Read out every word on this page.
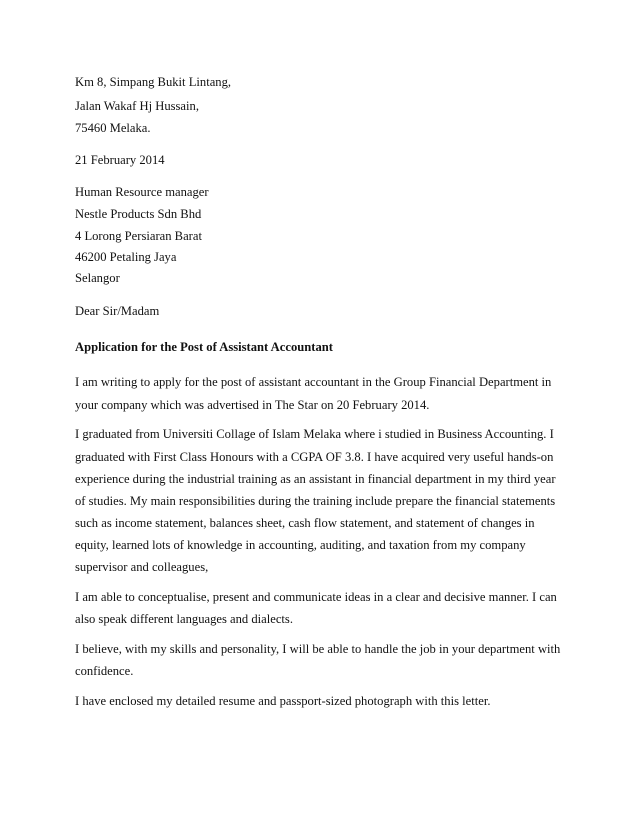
Km 8, Simpang Bukit Lintang,

Jalan Wakaf Hj Hussain,

75460 Melaka.

21 February 2014

Human Resource manager

Nestle Products Sdn Bhd

4 Lorong Persiaran Barat

46200 Petaling Jaya

Selangor

Dear Sir/Madam

Application for the Post of Assistant Accountant

I am writing to apply for the post of assistant accountant in the Group Financial Department in

your company which was advertised in The Star on 20 February 2014.

I graduated from Universiti Collage of Islam Melaka where i studied in Business Accounting. I

graduated with First Class Honours with a CGPA OF 3.8. I have acquired very useful hands-on

experience during the industrial training as an assistant in financial department in my third year

of studies. My main responsibilities during the training include prepare the financial statements

such as income statement, balances sheet, cash flow statement, and statement of changes in

equity, learned lots of knowledge in accounting, auditing, and taxation from my company

supervisor and colleagues,

I am able to conceptualise, present and communicate ideas in a clear and decisive manner. I can

also speak different languages and dialects.

I believe, with my skills and personality, I will be able to handle the job in your department with

confidence.

I have enclosed my detailed resume and passport-sized photograph with this letter.
